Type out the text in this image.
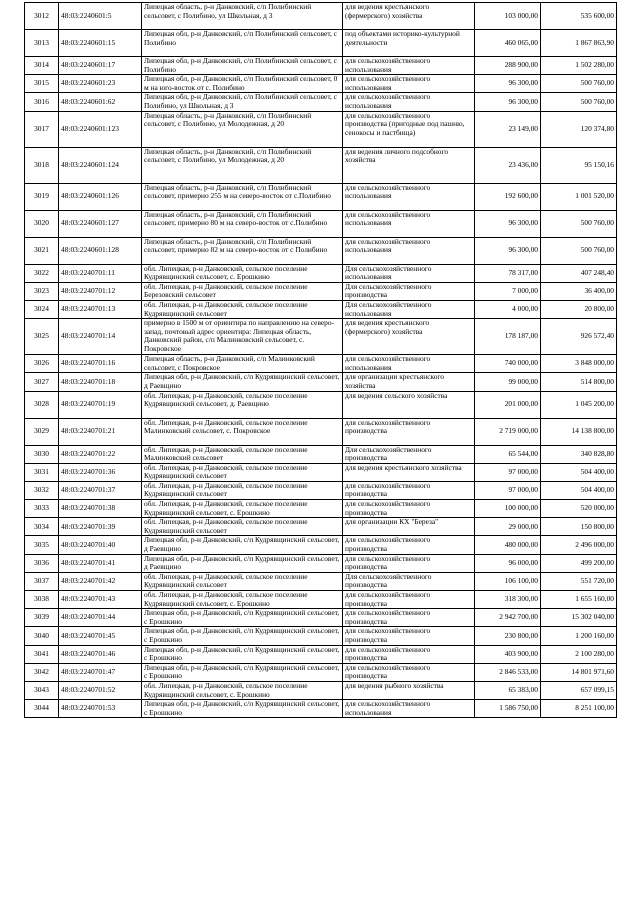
3012	48:03:2240601:5	Липецкая область, р-н Данковский, с/п Полибинский сельсовет, с Полибино, ул Школьная, д 3	для ведения крестьянского (фермерского) хозяйства	103 000,00	535 600,00
3013	48:03:2240601:15	Липецкая обл, р-н Данковский, с/п Полибинский сельсовет, с Полибино	под объектами историко-культурной деятельности	460 065,00	1 867 863,90
3014	48:03:2240601:17	Липецкая обл, р-н Данковский, с/п Полибинский сельсовет, с Полибино	для сельскохозяйственного использования	288 900,00	1 502 280,00
3015	48:03:2240601:23	Липецкая обл, р-н Данковский, с/п Полибинский сельсовет, 0 м на юго-восток от с. Полибино	для сельскохозяйственного использования	96 300,00	500 760,00
3016	48:03:2240601:62	Липецкая обл, р-н Данковский, с/п Полибинский сельсовет, с Полибино, ул Школьная, д 3	для сельскохозяйственного использования	96 300,00	500 760,00
3017	48:03:2240601:123	Липецкая область, р-н Данковский, с/п Полибинский сельсовет, с Полибино, ул Молодежная, д 20	для сельскохозяйственного производства (пригодные под пашню, сенокосы и пастбища)	23 149,00	120 374,80
3018	48:03:2240601:124	Липецкая область, р-н Данковский, с/п Полибинский сельсовет, с Полибино, ул Молодежная, д 20	для ведения личного подсобного хозяйства	23 436,00	95 150,16
3019	48:03:2240601:126	Липецкая область, р-н Данковский, с/п Полибинский сельсовет, примерно 255 м на северо-восток от с.Полибино	для сельскохозяйственного использования	192 600,00	1 001 520,00
3020	48:03:2240601:127	Липецкая область, р-н Данковский, с/п Полибинский сельсовет, примерно 80 м на северо-восток от с.Полибино	для сельскохозяйственного использования	96 300,00	500 760,00
3021	48:03:2240601:128	Липецкая область, р-н Данковский, с/п Полибинский сельсовет, примерно 82 м на северо-восток от с Полибино	для сельскохозяйственного использования	96 300,00	500 760,00
3022	48:03:2240701:11	обл. Липецкая, р-н Данковский, сельское поселение Кудрявщинский сельсовет, с. Ерошкино	Для сельскохозяйственного использования	78 317,00	407 248,40
3023	48:03:2240701:12	обл. Липецкая, р-н Данковский, сельское поселение Березовский сельсовет	Для сельскохозяйственного производства	7 000,00	36 400,00
3024	48:03:2240701:13	обл. Липецкая, р-н Данковский, сельское поселение Кудрявщинский сельсовет	Для сельскохозяйственного использования	4 000,00	20 800,00
3025	48:03:2240701:14	примерно в 1500 м от ориентира по направлению на северо-запад, почтовый адрес ориентира: Липецкая область, Данковский район, с/п Малинковский сельсовет, с. Покровское	для ведения крестьянского (фермерского) хозяйства	178 187,00	926 572,40
3026	48:03:2240701:16	Липецкая область, р-н Данковский, с/п Малинковский сельсовет, с Покровское	для сельскохозяйственного использования	740 000,00	3 848 000,00
3027	48:03:2240701:18	Липецкая обл, р-н Данковский, с/п Кудрявщинский сельсовет, д Раевщино	для организации крестьянского хозяйства	99 000,00	514 800,00
3028	48:03:2240701:19	обл. Липецкая, р-н Данковский, сельское поселение Кудрявщинский сельсовет, д. Раевщино	для ведения сельского хозяйства	201 000,00	1 045 200,00
3029	48:03:2240701:21	обл. Липецкая, р-н Данковский, сельское поселение Малинковский сельсовет, с. Покровское	для сельскохозяйственного производства	2 719 000,00	14 138 800,00
3030	48:03:2240701:22	обл. Липецкая, р-н Данковский, сельское поселение Малинковский сельсовет	Для сельскохозяйственного производства	65 544,00	340 828,80
3031	48:03:2240701:36	обл. Липецкая, р-н Данковский, сельское поселение Кудрявщинский сельсовет	для ведения крестьянского хозяйства	97 000,00	504 400,00
3032	48:03:2240701:37	обл. Липецкая, р-н Данковский, сельское поселение Кудрявщинский сельсовет	для сельскохозяйственного производства	97 000,00	504 400,00
3033	48:03:2240701:38	обл. Липецкая, р-н Данковский, сельское поселение Кудрявщинский сельсовет, с. Ерошкино	для сельскохозяйственного производства	100 000,00	520 000,00
3034	48:03:2240701:39	обл. Липецкая, р-н Данковский, сельское поселение Кудрявщинский сельсовет	для организации КХ "Береза"	29 000,00	150 800,00
3035	48:03:2240701:40	Липецкая обл, р-н Данковский, с/п Кудрявщинский сельсовет, д Раевщино	для сельскохозяйственного производства	480 000,00	2 496 000,00
3036	48:03:2240701:41	Липецкая обл, р-н Данковский, с/п Кудрявщинский сельсовет, д Раевщино	для сельскохозяйственного производства	96 000,00	499 200,00
3037	48:03:2240701:42	обл. Липецкая, р-н Данковский, сельское поселение Кудрявщинский сельсовет	Для сельскохозяйственного производства	106 100,00	551 720,00
3038	48:03:2240701:43	обл. Липецкая, р-н Данковский, сельское поселение Кудрявщинский сельсовет, с. Ерошкино	для сельскохозяйственного производства	318 300,00	1 655 160,00
3039	48:03:2240701:44	Липецкая обл, р-н Данковский, с/п Кудрявщинский сельсовет, с Ерошкино	для сельскохозяйственного производства	2 942 700,00	15 302 040,00
3040	48:03:2240701:45	Липецкая обл, р-н Данковский, с/п Кудрявщинский сельсовет, с Ерошкино	для сельскохозяйственного производства	230 800,00	1 200 160,00
3041	48:03:2240701:46	Липецкая обл, р-н Данковский, с/п Кудрявщинский сельсовет, с Ерошкино	для сельскохозяйственного производства	403 900,00	2 100 280,00
3042	48:03:2240701:47	Липецкая обл, р-н Данковский, с/п Кудрявщинский сельсовет, с Ерошкино	для сельскохозяйственного производства	2 846 533,00	14 801 971,60
3043	48:03:2240701:52	обл. Липецкая, р-н Данковский, сельское поселение Кудрявщинский сельсовет, с. Ерошкино	для ведения рыбного хозяйства	65 383,00	657 099,15
3044	48:03:2240701:53	Липецкая обл, р-н Данковский, с/п Кудрявщинский сельсовет, с Ерошкино	для сельскохозяйственного использования	1 586 750,00	8 251 100,00
